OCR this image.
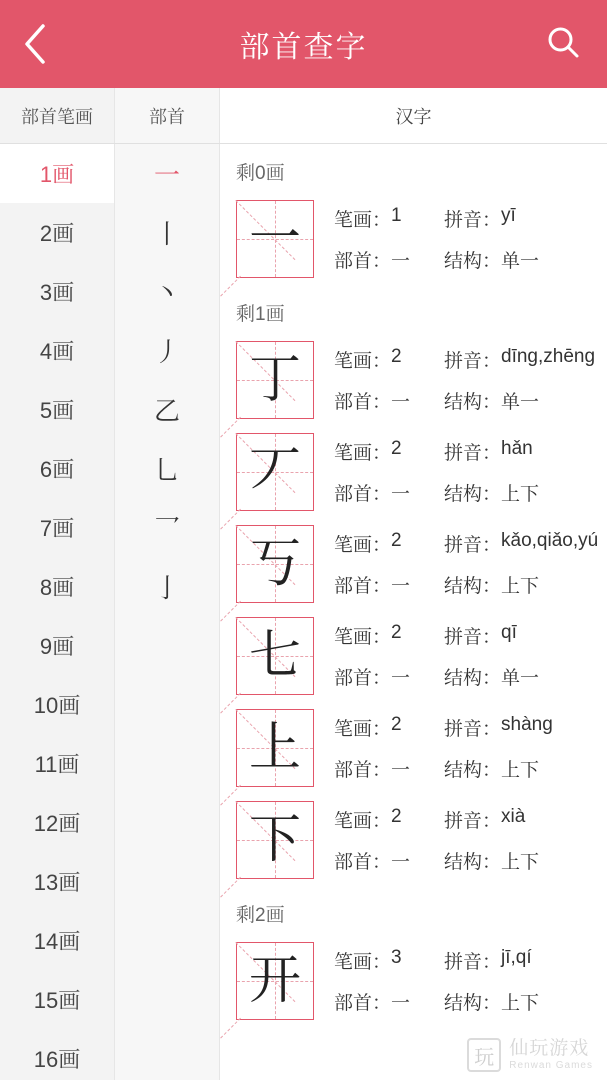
部首查字
部首笔画	部首	汉字
1画
2画
3画
4画
5画
6画
7画
8画
9画
10画
11画
12画
13画
14画
15画
16画
一
丨
丶
丿
乙
乚
乛
亅
剩0画
一	笔画： 1 拼音： yī
部首： 一 结构： 单一
剩1画
丁	笔画： 2 拼音： dīng,zhēng
部首： 一 结构： 单一
丆	笔画： 2 拼音： hǎn
部首： 一 结构： 上下
丂	笔画： 2 拼音： kǎo,qiǎo,yú
部首： 一 结构： 上下
七	笔画： 2 拼音： qī
部首： 一 结构： 单一
上	笔画： 2 拼音： shàng
部首： 一 结构： 上下
下	笔画： 2 拼音： xià
部首： 一 结构： 上下
剩2画
开	笔画： 3 拼音： jī,qí
部首： 一 结构： 上下
玩 仙玩游戏
Renwan Games
